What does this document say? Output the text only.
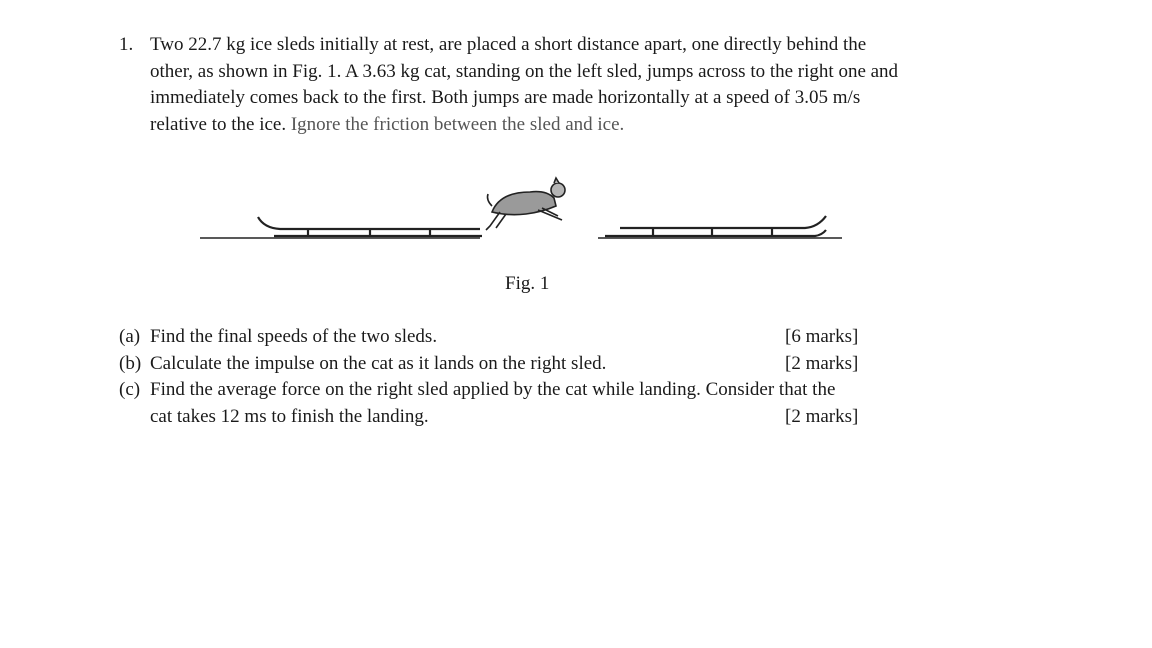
1. Two 22.7 kg ice sleds initially at rest, are placed a short distance apart, one directly behind the other, as shown in Fig. 1. A 3.63 kg cat, standing on the left sled, jumps across to the right one and immediately comes back to the first. Both jumps are made horizontally at a speed of 3.05 m/s relative to the ice. Ignore the friction between the sled and ice.
Fig. 1
(a) Find the final speeds of the two sleds.	[6 marks]
(b) Calculate the impulse on the cat as it lands on the right sled.	[2 marks]
(c) Find the average force on the right sled applied by the cat while landing. Consider that the
cat takes 12 ms to finish the landing.	[2 marks]
